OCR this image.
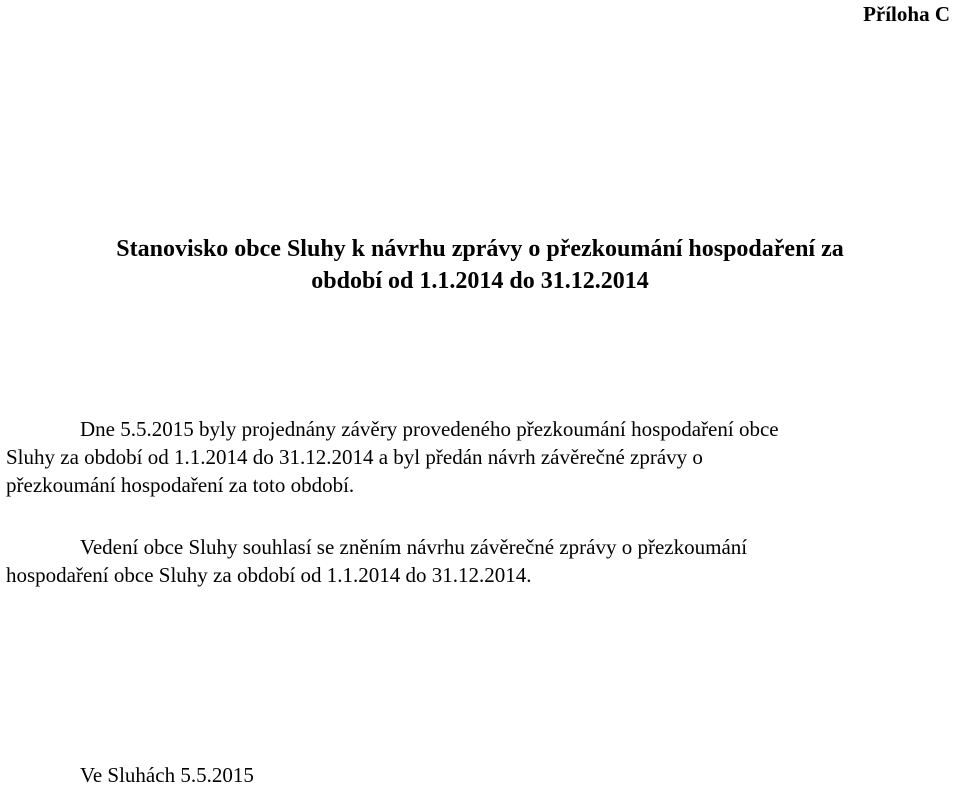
Příloha C
Stanovisko obce Sluhy k návrhu zprávy o přezkoumání hospodaření za
období od 1.1.2014 do 31.12.2014
Dne 5.5.2015 byly projednány závěry provedeného přezkoumání hospodaření obce
Sluhy za období od 1.1.2014 do 31.12.2014 a byl předán návrh závěrečné zprávy o
přezkoumání hospodaření za toto období.
Vedení obce Sluhy souhlasí se zněním návrhu závěrečné zprávy o přezkoumání
hospodaření obce Sluhy za období od 1.1.2014 do 31.12.2014.
Ve Sluhách 5.5.2015
